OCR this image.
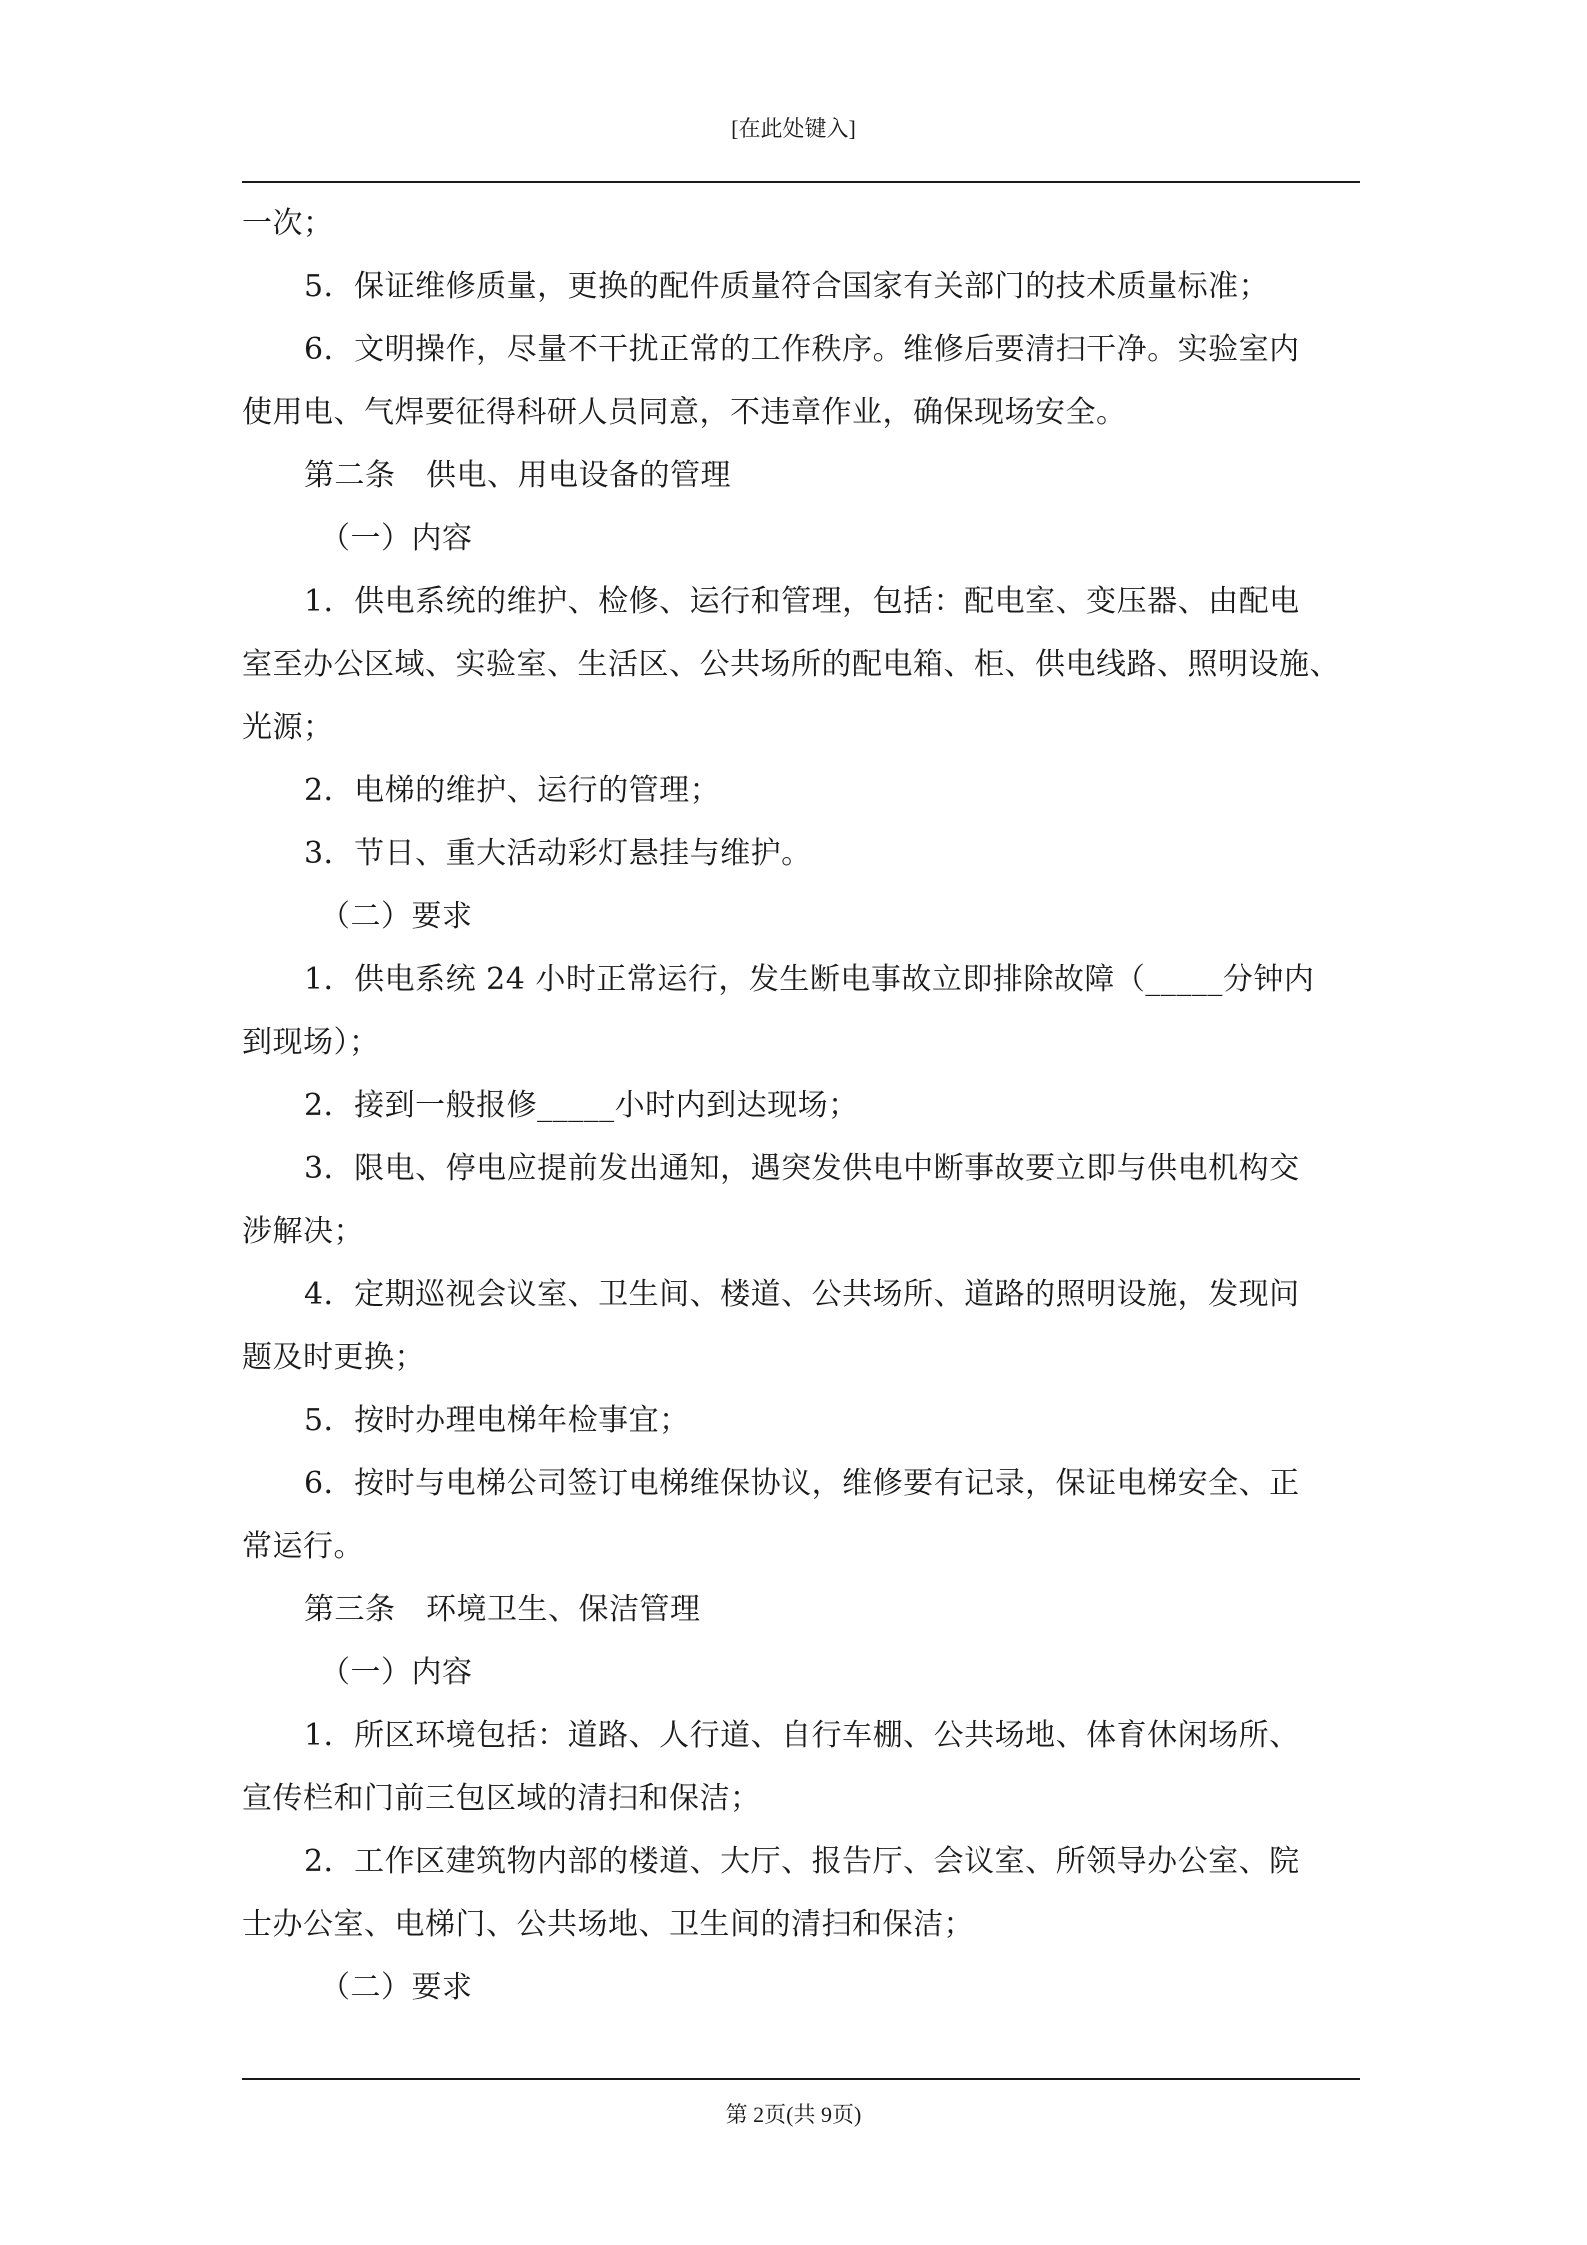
[在此处键入]
一次；
5．保证维修质量，更换的配件质量符合国家有关部门的技术质量标准；
6．文明操作，尽量不干扰正常的工作秩序。维修后要清扫干净。实验室内
使用电、气焊要征得科研人员同意，不违章作业，确保现场安全。
第二条　供电、用电设备的管理
（一）内容
1．供电系统的维护、检修、运行和管理，包括：配电室、变压器、由配电
室至办公区域、实验室、生活区、公共场所的配电箱、柜、供电线路、照明设施、
光源；
2．电梯的维护、运行的管理；
3．节日、重大活动彩灯悬挂与维护。
（二）要求
1．供电系统 24 小时正常运行，发生断电事故立即排除故障（_____分钟内
到现场）；
2．接到一般报修_____小时内到达现场；
3．限电、停电应提前发出通知，遇突发供电中断事故要立即与供电机构交
涉解决；
4．定期巡视会议室、卫生间、楼道、公共场所、道路的照明设施，发现问
题及时更换；
5．按时办理电梯年检事宜；
6．按时与电梯公司签订电梯维保协议，维修要有记录，保证电梯安全、正
常运行。
第三条　环境卫生、保洁管理
（一）内容
1．所区环境包括：道路、人行道、自行车棚、公共场地、体育休闲场所、
宣传栏和门前三包区域的清扫和保洁；
2．工作区建筑物内部的楼道、大厅、报告厅、会议室、所领导办公室、院
士办公室、电梯门、公共场地、卫生间的清扫和保洁；
（二）要求
第 2页(共 9页)
